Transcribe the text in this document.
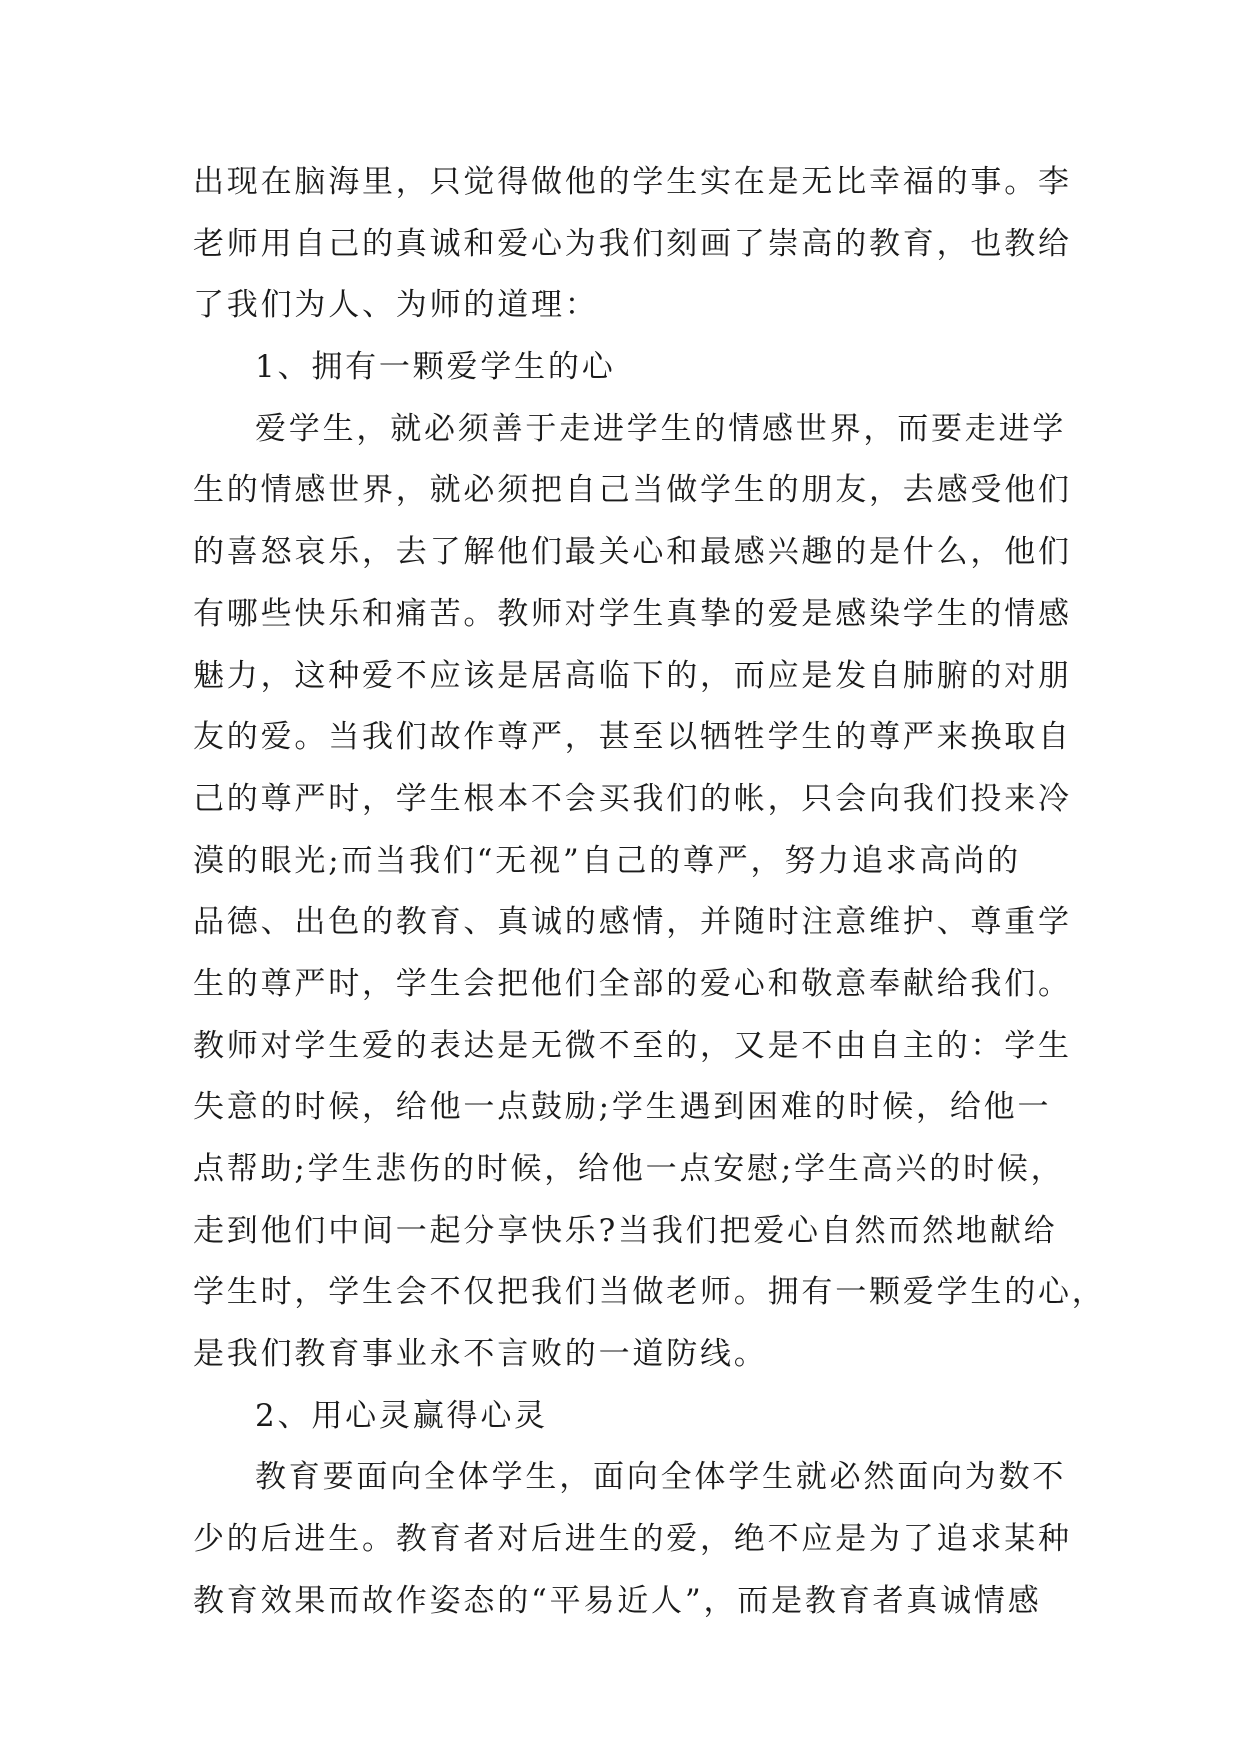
出现在脑海里，只觉得做他的学生实在是无比幸福的事。李
老师用自己的真诚和爱心为我们刻画了崇高的教育，也教给
了我们为人、为师的道理：
1、拥有一颗爱学生的心
爱学生，就必须善于走进学生的情感世界，而要走进学
生的情感世界，就必须把自己当做学生的朋友，去感受他们
的喜怒哀乐，去了解他们最关心和最感兴趣的是什么，他们
有哪些快乐和痛苦。教师对学生真挚的爱是感染学生的情感
魅力，这种爱不应该是居高临下的，而应是发自肺腑的对朋
友的爱。当我们故作尊严，甚至以牺牲学生的尊严来换取自
己的尊严时，学生根本不会买我们的帐，只会向我们投来冷
漠的眼光;而当我们“无视”自己的尊严，努力追求高尚的
品德、出色的教育、真诚的感情，并随时注意维护、尊重学
生的尊严时，学生会把他们全部的爱心和敬意奉献给我们。
教师对学生爱的表达是无微不至的，又是不由自主的：学生
失意的时候，给他一点鼓励;学生遇到困难的时候，给他一
点帮助;学生悲伤的时候，给他一点安慰;学生高兴的时候，
走到他们中间一起分享快乐?当我们把爱心自然而然地献给
学生时，学生会不仅把我们当做老师。拥有一颗爱学生的心，
是我们教育事业永不言败的一道防线。
2、用心灵赢得心灵
教育要面向全体学生，面向全体学生就必然面向为数不
少的后进生。教育者对后进生的爱，绝不应是为了追求某种
教育效果而故作姿态的“平易近人”，而是教育者真诚情感
